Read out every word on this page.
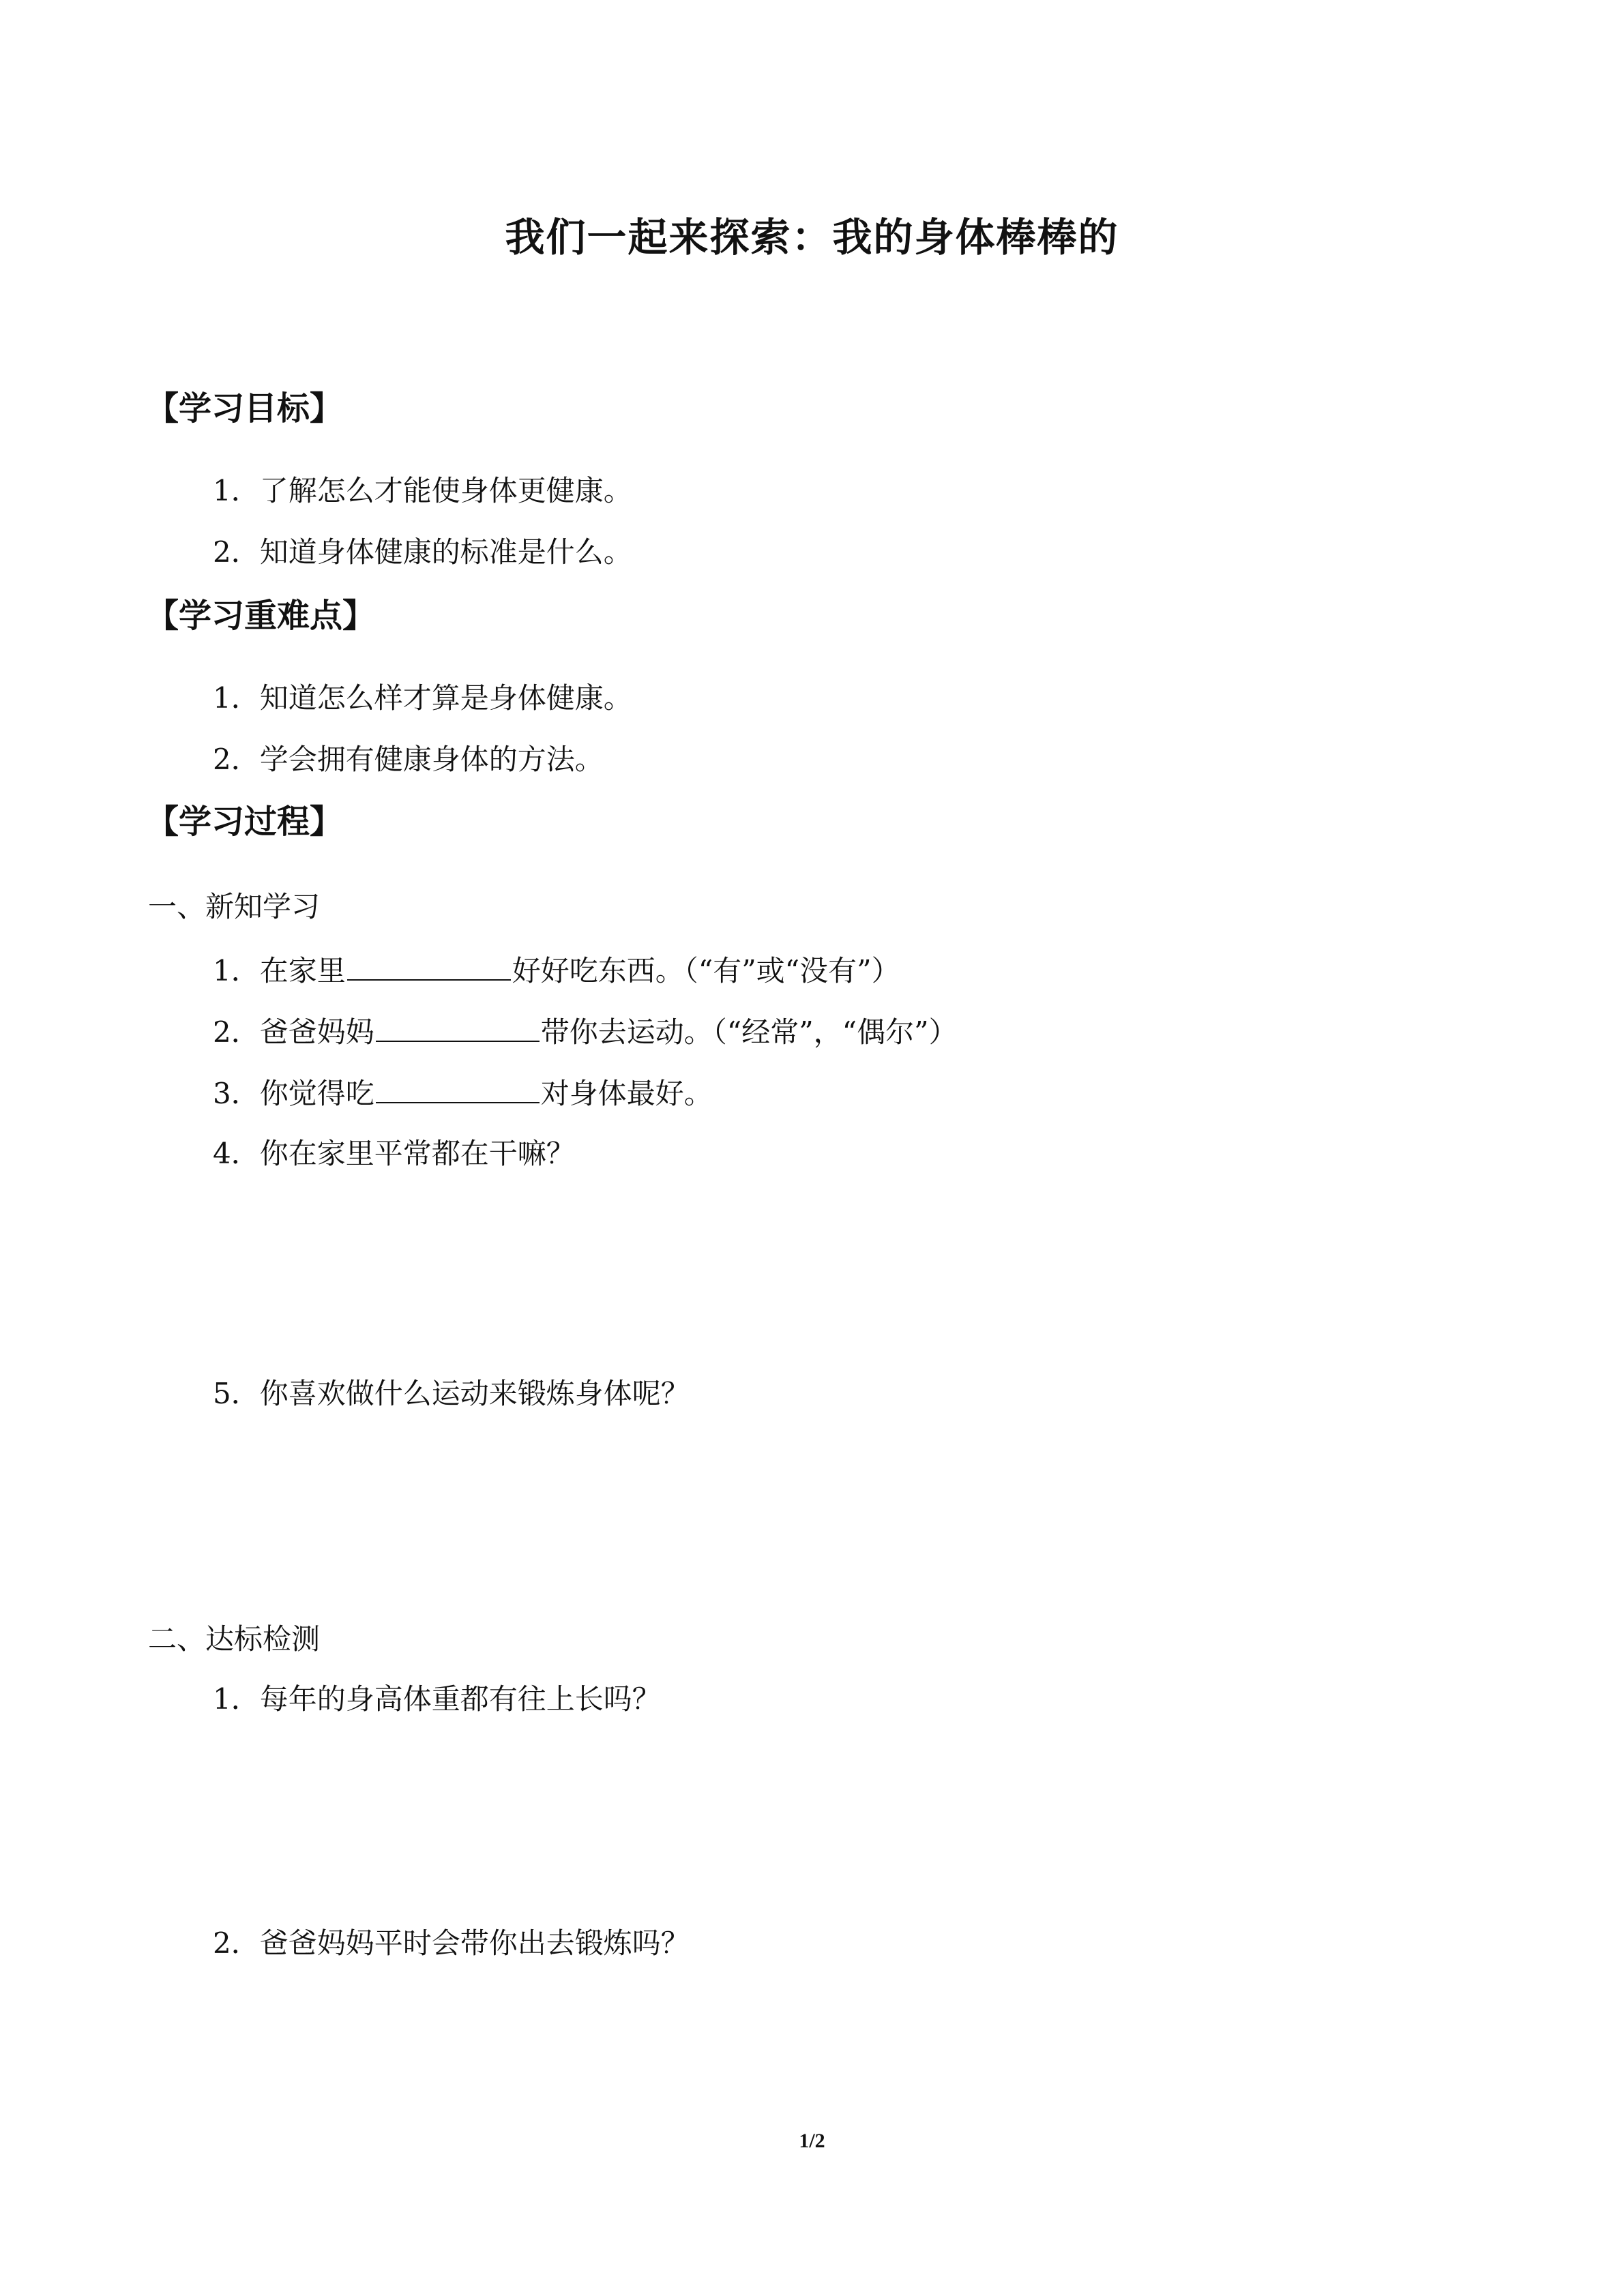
我们一起来探索：我的身体棒棒的
【学习目标】
1．了解怎么才能使身体更健康。
2．知道身体健康的标准是什么。
【学习重难点】
1．知道怎么样才算是身体健康。
2．学会拥有健康身体的方法。
【学习过程】
一、新知学习
1．在家里	好好吃东西。（“有”或“没有”）
2．爸爸妈妈	带你去运动。（“经常”，“偶尔”）
3．你觉得吃	对身体最好。
4．你在家里平常都在干嘛？
5．你喜欢做什么运动来锻炼身体呢？
二、达标检测
1．每年的身高体重都有往上长吗？
2．爸爸妈妈平时会带你出去锻炼吗？
1/2
